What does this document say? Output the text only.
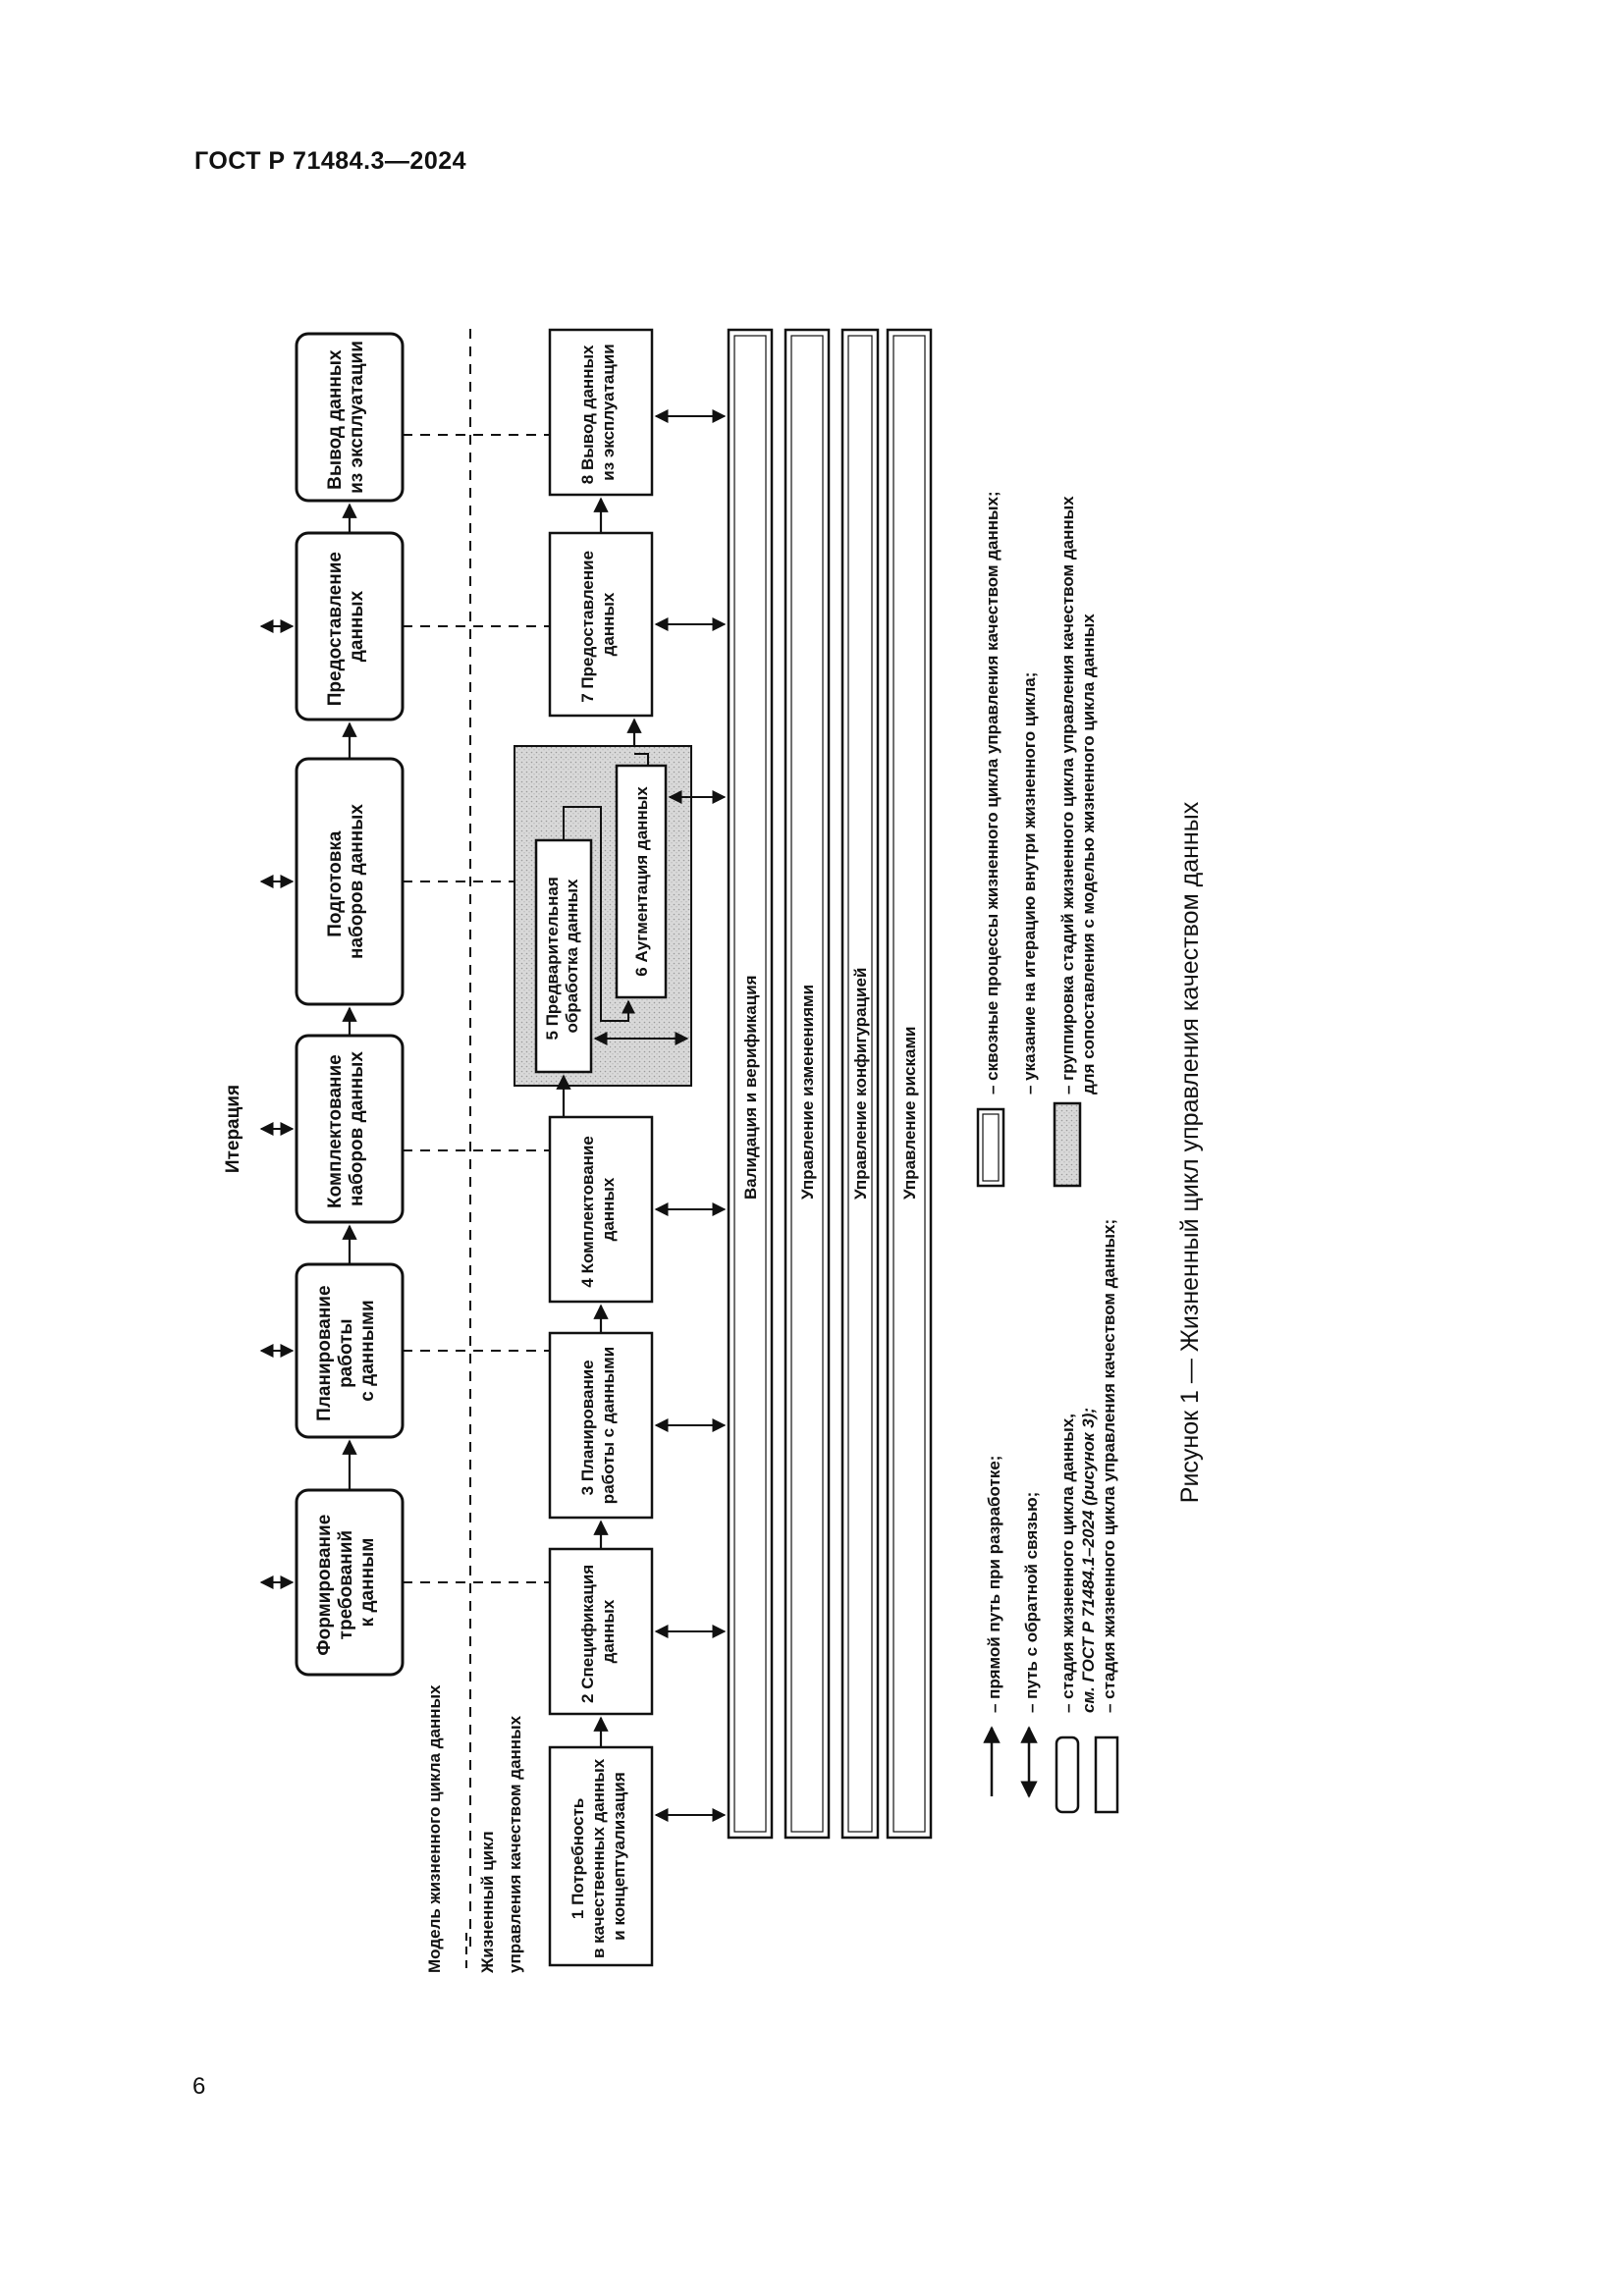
ГОСТ Р 71484.3—2024
6
Формирование требований к данным
Планирование работы с данными
Комплектование наборов данных
Подготовка наборов данных
Предоставление данных
Вывод данных из эксплуатации
Итерация
Модель жизненного цикла данных Жизненный цикл управления качеством данных	1 Потребность в качественных данных и концептуализация
2 Спецификация данных
3 Планирование работы с данными
4 Комплектование данных
5 Предварительная обработка данных	6 Аугментация данных
7 Предоставление данных
8 Вывод данных из эксплуатации
Валидация и верификация Управление изменениями Управление конфигурацией Управление рисками
– прямой путь при разработке; – путь с обратной связью; – стадия жизненного цикла данных, см. ГОСТ Р 71484.1–2024 (рисунок 3); – стадия жизненного цикла управления качеством данных;
– сквозные процессы жизненного цикла управления качеством данных; – указание на итерацию внутри жизненного цикла; – группировка стадий жизненного цикла управления качеством данных для сопоставления с моделью жизненного цикла данных	Рисунок 1 — Жизненный цикл управления качеством данных
